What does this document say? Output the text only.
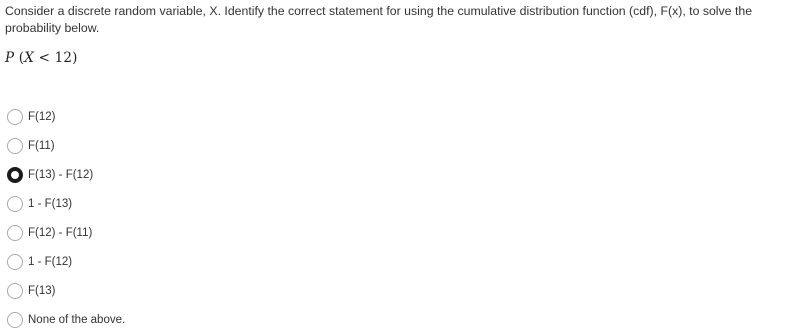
Consider a discrete random variable, X. Identify the correct statement for using the cumulative distribution function (cdf), F(x), to solve the probability below.
P (X < 12)
F(12)
F(11)
F(13) - F(12)
1 - F(13)
F(12) - F(11)
1 - F(12)
F(13)
None of the above.
